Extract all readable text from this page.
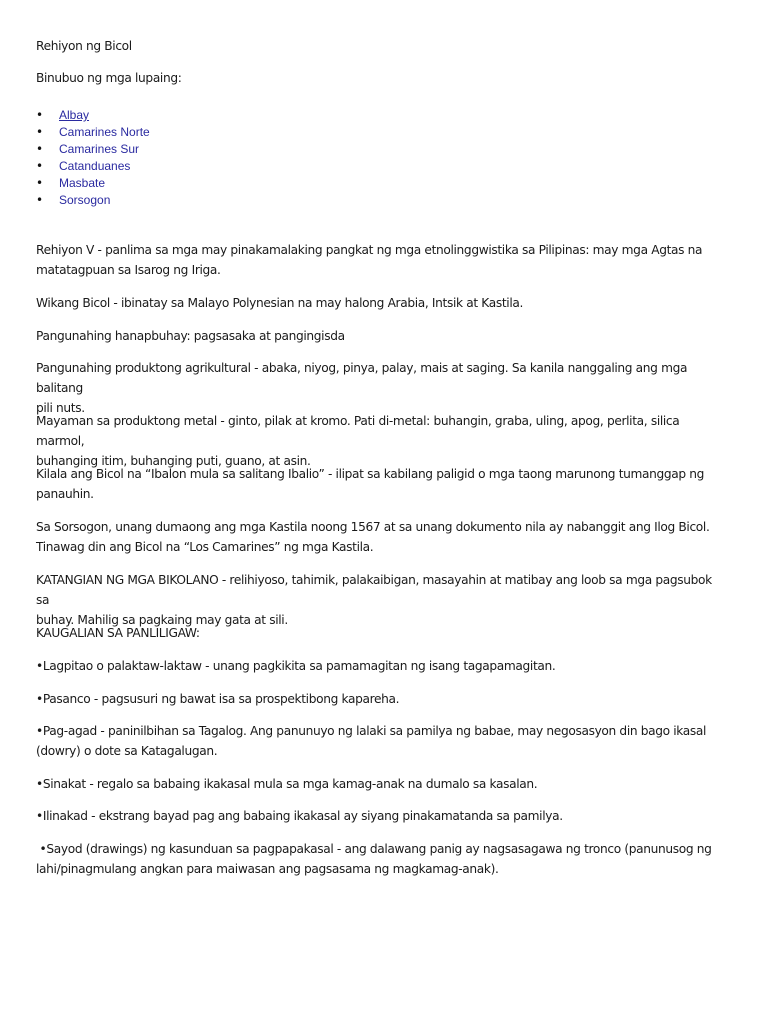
Rehiyon ng Bicol

Binubuo ng mga lupaing:

• Albay
• Camarines Norte
• Camarines Sur
• Catanduanes
• Masbate
• Sorsogon
Rehiyon V - panlima sa mga may pinakamalaking pangkat ng mga etnolinggwistika sa Pilipinas: may mga Agtas na
matatagpuan sa Isarog ng Iriga.
Wikang Bicol - ibinatay sa Malayo Polynesian na may halong Arabia, Intsik at Kastila.
Pangunahing hanapbuhay: pagsasaka at pangingisda
Pangunahing produktong agrikultural - abaka, niyog, pinya, palay, mais at saging. Sa kanila nanggaling ang mga balitang
pili nuts.
Mayaman sa produktong metal - ginto, pilak at kromo. Pati di-metal: buhangin, graba, uling, apog, perlita, silica marmol,
buhanging itim, buhanging puti, guano, at asin.
Kilala ang Bicol na “Ibalon mula sa salitang Ibalio” - ilipat sa kabilang paligid o mga taong marunong tumanggap ng
panauhin.
Sa Sorsogon, unang dumaong ang mga Kastila noong 1567 at sa unang dokumento nila ay nabanggit ang Ilog Bicol.
Tinawag din ang Bicol na “Los Camarines” ng mga Kastila.
KATANGIAN NG MGA BIKOLANO - relihiyoso, tahimik, palakaibigan, masayahin at matibay ang loob sa mga pagsubok sa
buhay. Mahilig sa pagkaing may gata at sili.
KAUGALIAN SA PANLILIGAW:
•Lagpitao o palaktaw-laktaw - unang pagkikita sa pamamagitan ng isang tagapamagitan.
•Pasanco - pagsusuri ng bawat isa sa prospektibong kapareha.
•Pag-agad - paninilbihan sa Tagalog. Ang panunuyo ng lalaki sa pamilya ng babae, may negosasyon din bago ikasal
(dowry) o dote sa Katagalugan.
•Sinakat - regalo sa babaing ikakasal mula sa mga kamag-anak na dumalo sa kasalan.
•Ilinakad - ekstrang bayad pag ang babaing ikakasal ay siyang pinakamatanda sa pamilya.
•Sayod (drawings) ng kasunduan sa pagpapakasal - ang dalawang panig ay nagsasagawa ng tronco (panunusog ng
lahi/pinagmulang angkan para maiwasan ang pagsasama ng magkamag-anak).
